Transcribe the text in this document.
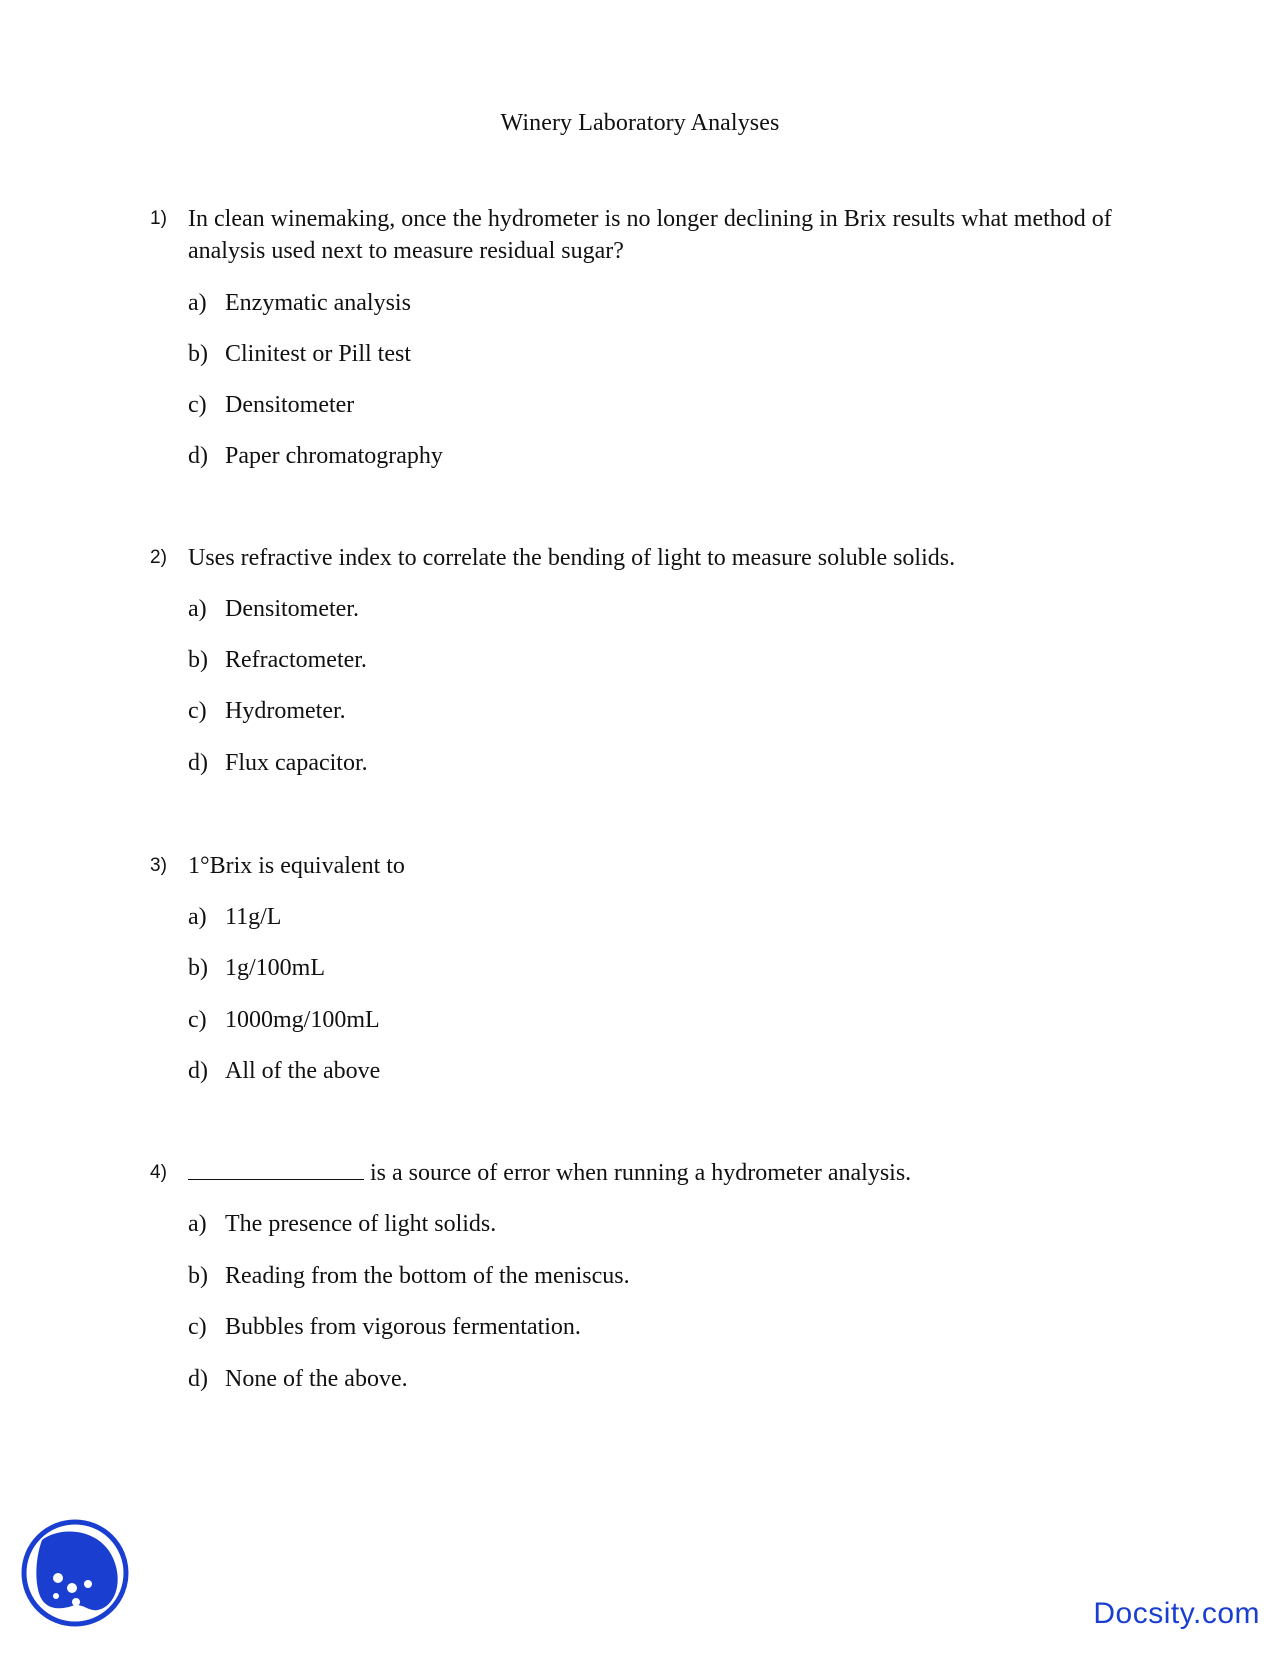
Winery Laboratory Analyses
1) In clean winemaking, once the hydrometer is no longer declining in Brix results what method of analysis used next to measure residual sugar?
a) Enzymatic analysis
b) Clinitest or Pill test
c) Densitometer
d) Paper chromatography
2) Uses refractive index to correlate the bending of light to measure soluble solids.
a) Densitometer.
b) Refractometer.
c) Hydrometer.
d) Flux capacitor.
3) 1°Brix is equivalent to
a) 11g/L
b) 1g/100mL
c) 1000mg/100mL
d) All of the above
4)	is a source of error when running a hydrometer analysis.
a) The presence of light solids.
b) Reading from the bottom of the meniscus.
c) Bubbles from vigorous fermentation.
d) None of the above.
Docsity.com
